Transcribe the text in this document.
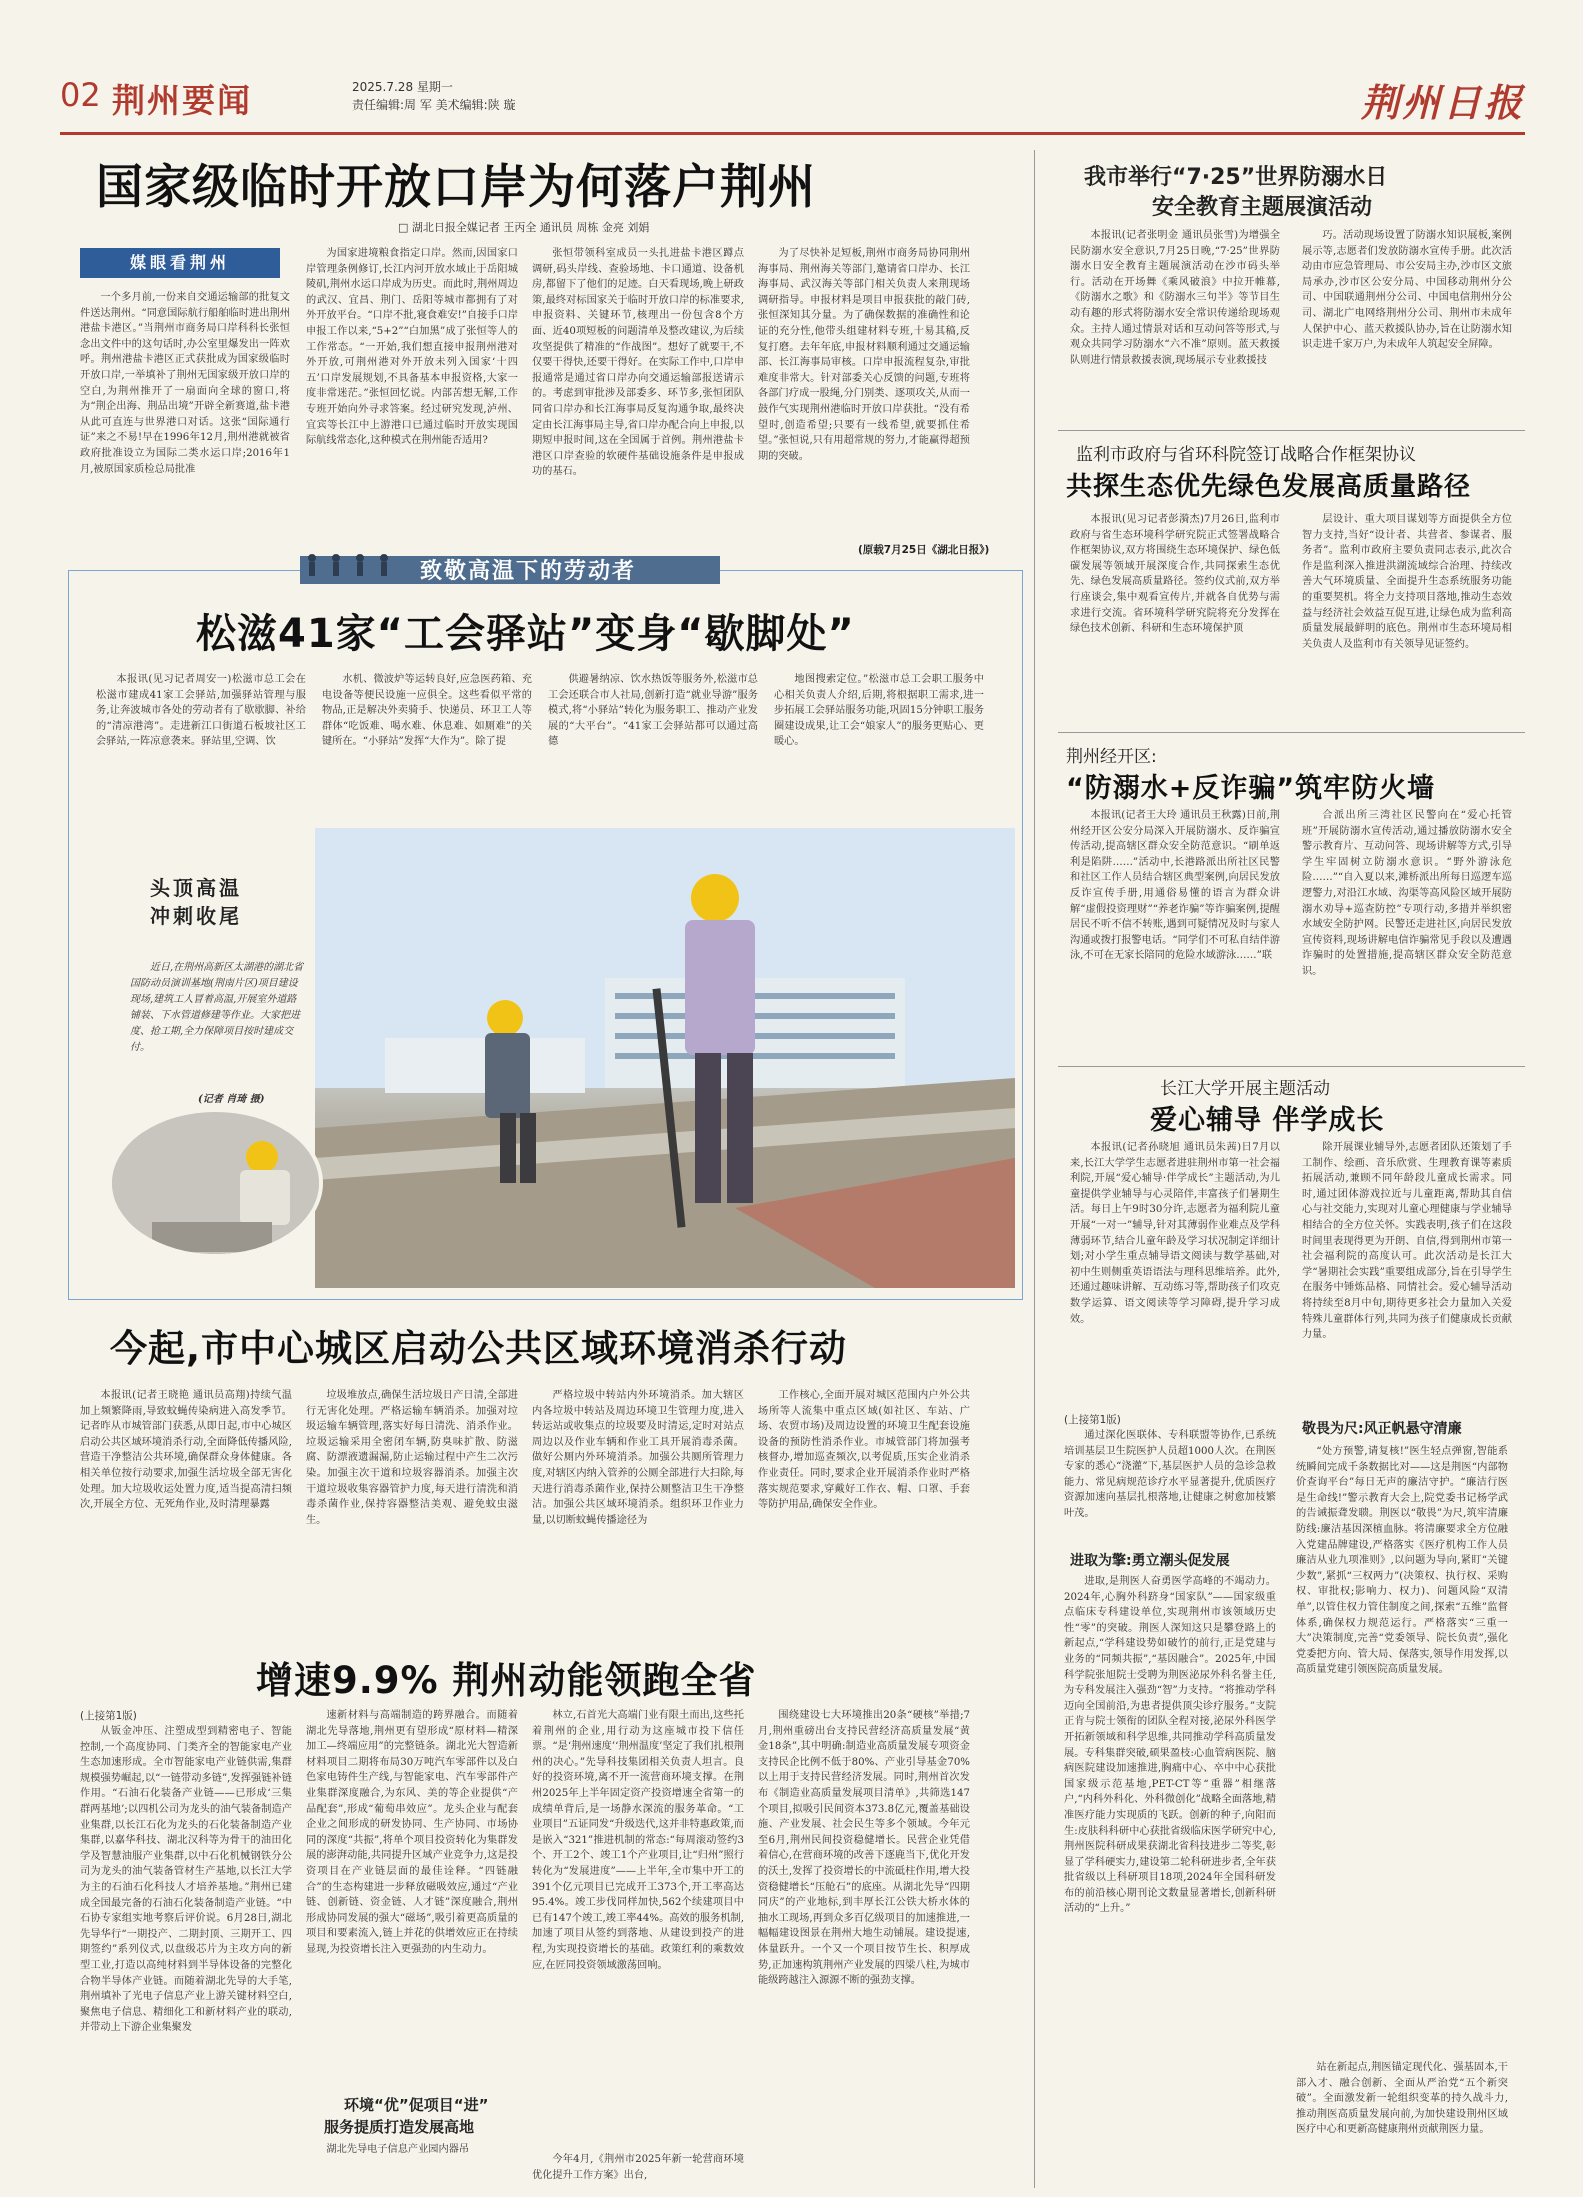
02 荆州要闻	2025.7.28 星期一
责任编辑:周 军 美术编辑:陕 璇	荆州日报
国家级临时开放口岸为何落户荆州
□ 湖北日报全媒记者 王丙全 通讯员 周栋 金亮 刘娟
媒眼看荆州

一个多月前,一份来自交通运输部的批复文件送达荆州。“同意国际航行船舶临时进出荆州港盐卡港区。”当荆州市商务局口岸科科长张恒念出文件中的这句话时,办公室里爆发出一阵欢呼。荆州港盐卡港区正式获批成为国家级临时开放口岸,一举填补了荆州无国家级开放口岸的空白,为荆州推开了一扇面向全球的窗口,将为“荆企出海、荆品出境”开辟全新赛道,盐卡港从此可直连与世界港口对话。这张“国际通行证”来之不易!早在1996年12月,荆州港就被省政府批准设立为国际二类水运口岸;2016年1月,被原国家质检总局批准

为国家进境粮食指定口岸。然而,因国家口岸管理条例修订,长江内河开放水域止于岳阳城陵矶,荆州水运口岸成为历史。而此时,荆州周边的武汉、宜昌、荆门、岳阳等城市都拥有了对外开放平台。“口岸不批,寝食难安!”自接手口岸申报工作以来,“5+2”“白加黑”成了张恒等人的工作常态。“一开始,我们想直接申报荆州港对外开放,可荆州港对外开放未列入国家‘十四五’口岸发展规划,不具备基本申报资格,大家一度非常迷茫。”张恒回忆说。内部苦想无解,工作专班开始向外寻求答案。经过研究发现,泸州、宜宾等长江中上游港口已通过临时开放实现国际航线常态化,这种模式在荆州能否适用?

张恒带领科室成员一头扎进盐卡港区蹲点调研,码头岸线、查验场地、卡口通道、设备机房,都留下了他们的足迹。白天看现场,晚上研政策,最终对标国家关于临时开放口岸的标准要求,申报资料、关键环节,核理出一份包含8个方面、近40项短板的问题清单及整改建议,为后续攻坚提供了精准的“作战图”。想好了就要干,不仅要干得快,还要干得好。在实际工作中,口岸申报通常是通过省口岸办向交通运输部报送请示的。考虑到审批涉及部委多、环节多,张恒团队同省口岸办和长江海事局反复沟通争取,最终决定由长江海事局主导,省口岸办配合向上申报,以期短申报时间,这在全国属于首例。荆州港盐卡港区口岸查验的软硬件基础设施条件是申报成功的基石。

为了尽快补足短板,荆州市商务局协同荆州海事局、荆州海关等部门,邀请省口岸办、长江海事局、武汉海关等部门相关负责人来荆现场调研指导。申报材料是项目申报获批的敲门砖,张恒深知其分量。为了确保数据的准确性和论证的充分性,他带头组建材料专班,十易其稿,反复打磨。去年年底,申报材料顺利通过交通运输部、长江海事局审核。口岸申报流程复杂,审批难度非常大。针对部委关心反馈的问题,专班将各部门疗成一股绳,分门别类、逐项攻关,从而一鼓作气实现荆州港临时开放口岸获批。“没有希望时,创造希望;只要有一线希望,就要抓住希望。”张恒说,只有用超常规的努力,才能赢得超预期的突破。

(原载7月25日《湖北日报》)
致敬高温下的劳动者
松滋41家“工会驿站”变身“歇脚处”

本报讯(见习记者周安一)松滋市总工会在松滋市建成41家工会驿站,加强驿站管理与服务,让奔波城市各处的劳动者有了歇歇脚、补给的“清凉港湾”。走进新江口街道石板坡社区工会驿站,一阵凉意袭来。驿站里,空调、饮

水机、微波炉等运转良好,应急医药箱、充电设备等便民设施一应俱全。这些看似平常的物品,正是解决外卖骑手、快递员、环卫工人等群体“吃饭难、喝水难、休息难、如厕难”的关键所在。“小驿站”发挥“大作为”。除了提

供避暑纳凉、饮水热饭等服务外,松滋市总工会还联合市人社局,创新打造“就业导游”服务模式,将“小驿站”转化为服务职工、推动产业发展的“大平台”。“41家工会驿站都可以通过高德

地图搜索定位。”松滋市总工会职工服务中心相关负责人介绍,后期,将根据职工需求,进一步拓展工会驿站服务功能,巩固15分钟职工服务圈建设成果,让工会“娘家人”的服务更贴心、更暖心。

头顶高温
冲刺收尾
近日,在荆州高新区太湖港的湖北省国防动员演训基地(荆南片区)项目建设现场,建筑工人冒着高温,开展室外道路铺装、下水管道修建等作业。大家把进度、抢工期,全力保障项目按时建成交付。
(记者 肖琦 摄)
我市举行“7·25”世界防溺水日
安全教育主题展演活动

本报讯(记者张明金 通讯员张雪)为增强全民防溺水安全意识,7月25日晚,“7·25”世界防溺水日安全教育主题展演活动在沙市码头举行。活动在开场舞《乘风破浪》中拉开帷幕,《防溺水之歌》和《防溺水三句半》等节目生动有趣的形式将防溺水安全常识传递给现场观众。主持人通过情景对话和互动问答等形式,与观众共同学习防溺水“六不准”原则。蓝天救援队则进行情景救援表演,现场展示专业救援技

巧。活动现场设置了防溺水知识展板,案例展示等,志愿者们发放防溺水宣传手册。此次活动由市应急管理局、市公安局主办,沙市区文旅局承办,沙市区公安分局、中国移动荆州分公司、中国联通荆州分公司、中国电信荆州分公司、湖北广电网络荆州分公司、荆州市未成年人保护中心、蓝天救援队协办,旨在让防溺水知识走进千家万户,为未成年人筑起安全屏障。

监利市政府与省环科院签订战略合作框架协议
共探生态优先绿色发展高质量路径

本报讯(见习记者彭漪杰)7月26日,监利市政府与省生态环境科学研究院正式签署战略合作框架协议,双方将围绕生态环境保护、绿色低碳发展等领域开展深度合作,共同探索生态优先、绿色发展高质量路径。签约仪式前,双方举行座谈会,集中观看宣传片,并就各自优势与需求进行交流。省环境科学研究院将充分发挥在绿色技术创新、科研和生态环境保护顶

层设计、重大项目谋划等方面提供全方位智力支持,当好“设计者、共营者、参谋者、服务者”。监利市政府主要负责同志表示,此次合作是监利深入推进洪湖流域综合治理、持续改善大气环境质量、全面提升生态系统服务功能的重要契机。将全力支持项目落地,推动生态效益与经济社会效益互促互进,让绿色成为监利高质量发展最鲜明的底色。荆州市生态环境局相关负责人及监利市有关领导见证签约。

荆州经开区:
“防溺水+反诈骗”筑牢防火墙

本报讯(记者王大玲 通讯员王秋露)日前,荆州经开区公安分局深入开展防溺水、反诈骗宣传活动,提高辖区群众安全防范意识。“刷单返利是陷阱……”活动中,长港路派出所社区民警和社区工作人员结合辖区典型案例,向居民发放反诈宣传手册,用通俗易懂的语言为群众讲解“虚假投资理财”“养老诈骗”等诈骗案例,提醒居民不听不信不转账,遇到可疑情况及时与家人沟通或拨打报警电话。“同学们不可私自结伴游泳,不可在无家长陪同的危险水域游泳……”联

合派出所三湾社区民警向在“爱心托管班”开展防溺水宣传活动,通过播放防溺水安全警示教育片、互动问答、现场讲解等方式,引导学生牢固树立防溺水意识。“野外游泳危险……”“自入夏以来,滩桥派出所每日巡逻车巡逻警力,对沿江水域、沟渠等高风险区域开展防溺水劝导+巡查防控”专项行动,多措并举织密水域安全防护网。民警还走进社区,向居民发放宣传资料,现场讲解电信诈骗常见手段以及遭遇诈骗时的处置措施,提高辖区群众安全防范意识。

长江大学开展主题活动
爱心辅导 伴学成长

本报讯(记者孙晓旭 通讯员朱茜)日7月以来,长江大学学生志愿者进驻荆州市第一社会福利院,开展“爱心辅导·伴学成长”主题活动,为儿童提供学业辅导与心灵陪伴,丰富孩子们暑期生活。每日上午9时30分许,志愿者为福利院儿童开展“一对一”辅导,针对其薄弱作业难点及学科薄弱环节,结合儿童年龄及学习状况制定详细计划;对小学生重点辅导语文阅读与数学基础,对初中生则侧重英语语法与理科思维培养。此外,还通过趣味讲解、互动练习等,帮助孩子们攻克数学运算、语文阅读等学习障碍,提升学习成效。

除开展课业辅导外,志愿者团队还策划了手工制作、绘画、音乐欣赏、生理教育课等素质拓展活动,兼顾不同年龄段儿童成长需求。同时,通过团体游戏拉近与儿童距离,帮助其自信心与社交能力,实现对儿童心理健康与学业辅导相结合的全方位关怀。实践表明,孩子们在这段时间里表现得更为开朗、自信,得到荆州市第一社会福利院的高度认可。此次活动是长江大学“暑期社会实践”重要组成部分,旨在引导学生在服务中锤炼品格、同情社会。爱心辅导活动将持续至8月中旬,期待更多社会力量加入关爱特殊儿童群体行列,共同为孩子们健康成长贡献力量。

今起,市中心城区启动公共区域环境消杀行动

本报讯(记者王晓艳 通讯员高翔)持续气温加上频繁降雨,导致蚊蝇传染病进入高发季节。记者昨从市城管部门获悉,从即日起,市中心城区启动公共区域环境消杀行动,全面降低传播风险,营造干净整洁公共环境,确保群众身体健康。各相关单位按行动要求,加强生活垃圾全部无害化处理。加大垃圾收运处置力度,适当提高清扫频次,开展全方位、无死角作业,及时清理暴露

垃圾堆放点,确保生活垃圾日产日清,全部进行无害化处理。严格运输车辆消杀。加强对垃圾运输车辆管理,落实好每日清洗、消杀作业。垃圾运输采用全密闭车辆,防臭味扩散、防滋腐、防漂液遗漏漏,防止运输过程中产生二次污染。加强主次干道和垃圾容器消杀。加强主次干道垃圾收集容器管护力度,每天进行清洗和消毒杀菌作业,保持容器整洁美观、避免蚊虫滋生。

严格垃圾中转站内外环境消杀。加大辖区内各垃圾中转站及周边环境卫生管理力度,进入转运站或收集点的垃圾要及时清运,定时对站点周边以及作业车辆和作业工具开展消毒杀菌。做好公厕内外环境消杀。加强公共厕所管理力度,对辖区内纳入管养的公厕全部进行大扫除,每天进行消毒杀菌作业,保持公厕整洁卫生干净整洁。加强公共区域环境消杀。组织环卫作业力量,以切断蚊蝇传播途径为

工作核心,全面开展对城区范围内户外公共场所等人流集中重点区域(如社区、车站、广场、农贸市场)及周边设置的环境卫生配套设施设备的预防性消杀作业。市城管部门将加强考核督办,增加巡查频次,以考促质,压实企业消杀作业责任。同时,要求企业开展消杀作业时严格落实规范要求,穿戴好工作衣、帽、口罩、手套等防护用品,确保安全作业。

增速9.9% 荆州动能领跑全省
(上接第1版)

从钣金冲压、注塑成型到精密电子、智能控制,一个高度协同、门类齐全的智能家电产业生态加速形成。全市智能家电产业链供需,集群规模强势崛起,以“一链带动多链”,发挥强链补链作用。“石油石化装备产业链——已形成‘三集群两基地’;以四机公司为龙头的油气装备制造产业集群,以长江石化为龙头的石化装备制造产业集群,以嘉华科技、湖北汉科等为骨干的油田化学及智慧油服产业集群,以中石化机械钢铁分公司为龙头的油气装备管材生产基地,以长江大学为主的石油石化科技人才培养基地。”荆州已建成全国最完备的石油石化装备制造产业链。“中石协专家组实地考察后评价说。6月28日,湖北先导华行“一期投产、二期封顶、三期开工、四期签约”系列仪式,以盘级芯片为主攻方向的新型工业,打造以高纯材料到半导体设备的完整化合物半导体产业链。而随着湖北先导的大手笔,荆州填补了光电子信息产业上游关键材料空白,聚焦电子信息、精细化工和新材料产业的联动,并带动上下游企业集聚发

速新材料与高端制造的跨界融合。而随着湖北先导落地,荆州更有望形成“原材料—精深加工—终端应用”的完整链条。湖北光大智造新材料项目二期将布局30万吨汽车零部件以及白色家电铸件生产线,与智能家电、汽车零部件产业集群深度融合,为东风、美的等企业提供“产品配套”,形成“葡萄串效应”。龙头企业与配套企业之间形成的研发协同、生产协同、市场协同的深度“共振”,将单个项目投资转化为集群发展的澎湃动能,共同提升区域产业竞争力,这是投资项目在产业链层面的最佳诠释。“四链融合”的生态构建进一步释放磁吸效应,通过“产业链、创新链、资金链、人才链”深度融合,荆州形成协同发展的强大“磁场”,吸引着更高质量的项目和要素流入,链上并花的供增效应正在持续显现,为投资增长注入更强劲的内生动力。

环境“优”促项目“进”
服务提质打造发展高地

湖北先导电子信息产业园内器吊

林立,石首光大高端门业有限土而出,这些托着荆州的企业,用行动为这座城市投下信任票。“是‘荆州速度’‘荆州温度’坚定了我们扎根荆州的决心。”先导科技集团相关负责人坦言。良好的投资环境,离不开一流营商环境支撑。在荆州2025年上半年固定资产投资增速全省第一的成绩单背后,是一场静水深流的服务革命。“工业项目”五证同发“升级迭代,这并非特惠政策,而是嵌入“321”推进机制的常态:“每周滚动签约3个、开工2个、竣工1个产业项目,让“归州”照行转化为“发展进度”——上半年,全市集中开工的391个亿元项目已完成开工373个,开工率高达95.4%。竣工步伐同样加快,562个续建项目中已有147个竣工,竣工率44%。高效的服务机制,加速了项目从签约到落地、从建设到投产的进程,为实现投资增长的基础。政策红利的乘数效应,在匠同投资领域激荡回响。

今年4月,《荆州市2025年新一轮营商环境优化提升工作方案》出台,

围绕建设七大环境推出20条“硬核”举措;7月,荆州重磅出台支持民营经济高质量发展“黄金18条”,其中明确:制造业高质量发展专项资金支持民企比例不低于80%、产业引导基金70%以上用于支持民营经济发展。同时,荆州首次发布《制造业高质量发展项目清单》,共筛选147个项目,拟吸引民间资本373.8亿元,覆盖基础设施、产业发展、社会民生等多个领域。今年元至6月,荆州民间投资稳健增长。民营企业凭借着信心,在营商环境的改善下逐鹿当下,优化开发的沃土,发挥了投资增长的中流砥柱作用,增大投资稳健增长“压舱石”的底座。从湖北先导“四期同庆”的产业地标,到丰厚长江公铁大桥水体的抽水工现场,再到众多百亿级项目的加速推进,一幅幅建设图景在荆州大地生动铺展。建设提速,体量跃升。一个又一个项目按节生长、积厚成势,正加速构筑荆州产业发展的四梁八柱,为城市能级跨越注入源源不断的强劲支撑。

(上接第1版)

通过深化医联体、专科联盟等协作,已系统培训基层卫生院医护人员超1000人次。在荆医专家的悉心“浇灌”下,基层医护人员的急诊急救能力、常见病规范诊疗水平显著提升,优质医疗资源加速向基层扎根落地,让健康之树愈加枝繁叶茂。

进取为擎:勇立潮头促发展

进取,是荆医人奋勇医学高峰的不竭动力。2024年,心胸外科跻身“国家队”——国家级重点临床专科建设单位,实现荆州市该领域历史性“零”的突破。荆医人深知这只是攀登路上的新起点,“学科建设势如破竹的前行,正是党建与业务的“同频共振”,“基因融合”。2025年,中国科学院张旭院士受聘为荆医泌尿外科名誉主任,为专科发展注入强劲“智”力支持。“将推动学科迈向全国前沿,为患者提供顶尖诊疗服务。”支院正肯与院士领衔的团队全程对接,泌尿外科医学开拓新领域和科学思维,共同推动学科高质量发展。专科集群突破,硕果盈枝:心血管病医院、脑病医院建设加速推进,胸痛中心、卒中中心获批国家级示范基地,PET-CT等“重器”相继落户,“内科外科化、外科微创化”战略全面落地,精准医疗能力实现质的飞跃。创新的种子,向阳而生:皮肤科科研中心获批省级临床医学研究中心,荆州医院科研成果获湖北省科技进步二等奖,彰显了学科硬实力,建设第二轮科研进步者,全年获批省级以上科研项目18项,2024年全国科研发布的前沿核心期刊论文数量显著增长,创新科研活动的“上升。”

敬畏为尺:风正帆悬守清廉

“处方预警,请复核!”医生轻点弹窗,智能系统瞬间完成千条数据比对——这是荆医“内部物价查询平台”每日无声的廉洁守护。“廉洁行医是生命线!”警示教育大会上,院党委书记杨学武的告诫振聋发聩。荆医以“敬畏”为尺,筑牢清廉防线:廉洁基因深植血脉。将清廉要求全方位融入党建品牌建设,严格落实《医疗机构工作人员廉洁从业九项准则》,以问题为导向,紧盯“关键少数”,紧抓“三权两力”(决策权、执行权、采购权、审批权;影响力、权力)、问题风险“双清单”,以管住权力管住制度之间,探索“五维”监督体系,确保权力规范运行。严格落实“三重一大”决策制度,完善“党委领导、院长负责”,强化党委把方向、管大局、保落实,领导作用发挥,以高质量党建引领医院高质量发展。

站在新起点,荆医锚定现代化、强基固本,干部入才、融合创新、全面从严治党“五个新突破”。全面激发新一轮组织变革的持久战斗力,推动荆医高质量发展向前,为加快建设荆州区域医疗中心和更新高健康荆州贡献荆医力量。
